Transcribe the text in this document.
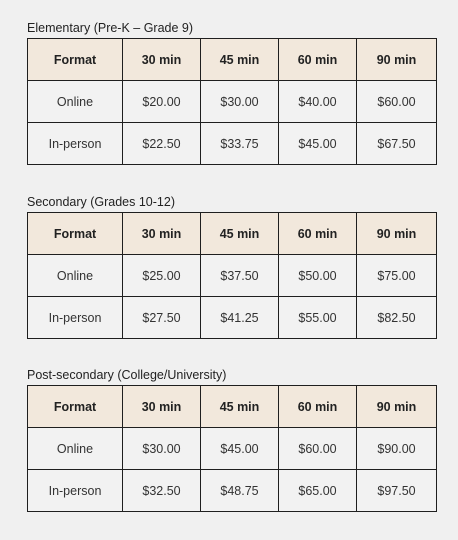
Elementary (Pre-K – Grade 9)

Format	30 min	45 min	60 min	90 min
Online	$20.00	$30.00	$40.00	$60.00
In-person	$22.50	$33.75	$45.00	$67.50

Secondary (Grades 10-12)

Format	30 min	45 min	60 min	90 min
Online	$25.00	$37.50	$50.00	$75.00
In-person	$27.50	$41.25	$55.00	$82.50

Post-secondary (College/University)

Format	30 min	45 min	60 min	90 min
Online	$30.00	$45.00	$60.00	$90.00
In-person	$32.50	$48.75	$65.00	$97.50
